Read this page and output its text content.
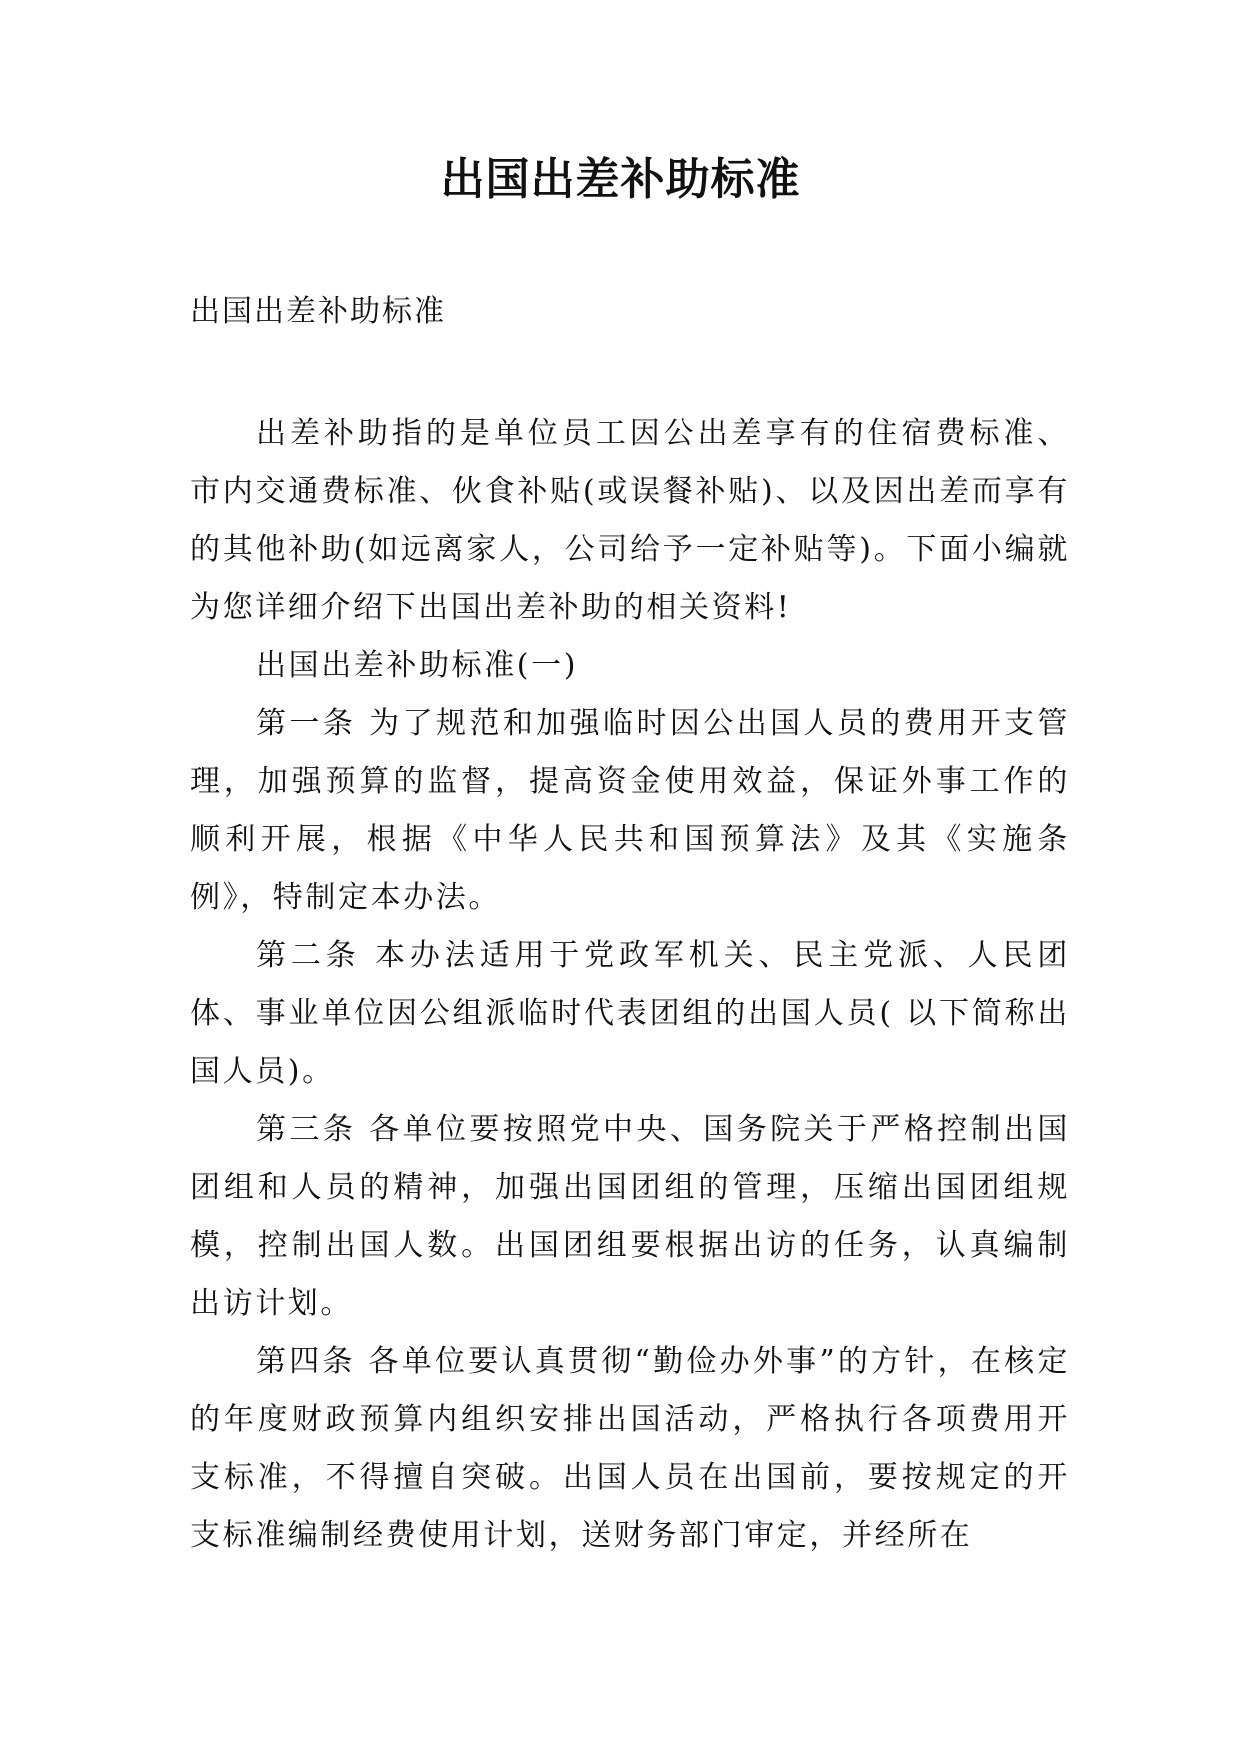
出国出差补助标准
出国出差补助标准

出差补助指的是单位员工因公出差享有的住宿费标准、市内交通费标准、伙食补贴(或误餐补贴)、以及因出差而享有的其他补助(如远离家人，公司给予一定补贴等)。下面小编就为您详细介绍下出国出差补助的相关资料!

出国出差补助标准(一)

第一条 为了规范和加强临时因公出国人员的费用开支管理，加强预算的监督，提高资金使用效益，保证外事工作的顺利开展，根据《中华人民共和国预算法》及其《实施条例》，特制定本办法。

第二条 本办法适用于党政军机关、民主党派、人民团体、事业单位因公组派临时代表团组的出国人员( 以下简称出国人员)。

第三条 各单位要按照党中央、国务院关于严格控制出国团组和人员的精神，加强出国团组的管理，压缩出国团组规模，控制出国人数。出国团组要根据出访的任务，认真编制出访计划。

第四条 各单位要认真贯彻“勤俭办外事”的方针，在核定的年度财政预算内组织安排出国活动，严格执行各项费用开支标准，不得擅自突破。出国人员在出国前，要按规定的开支标准编制经费使用计划，送财务部门审定，并经所在
